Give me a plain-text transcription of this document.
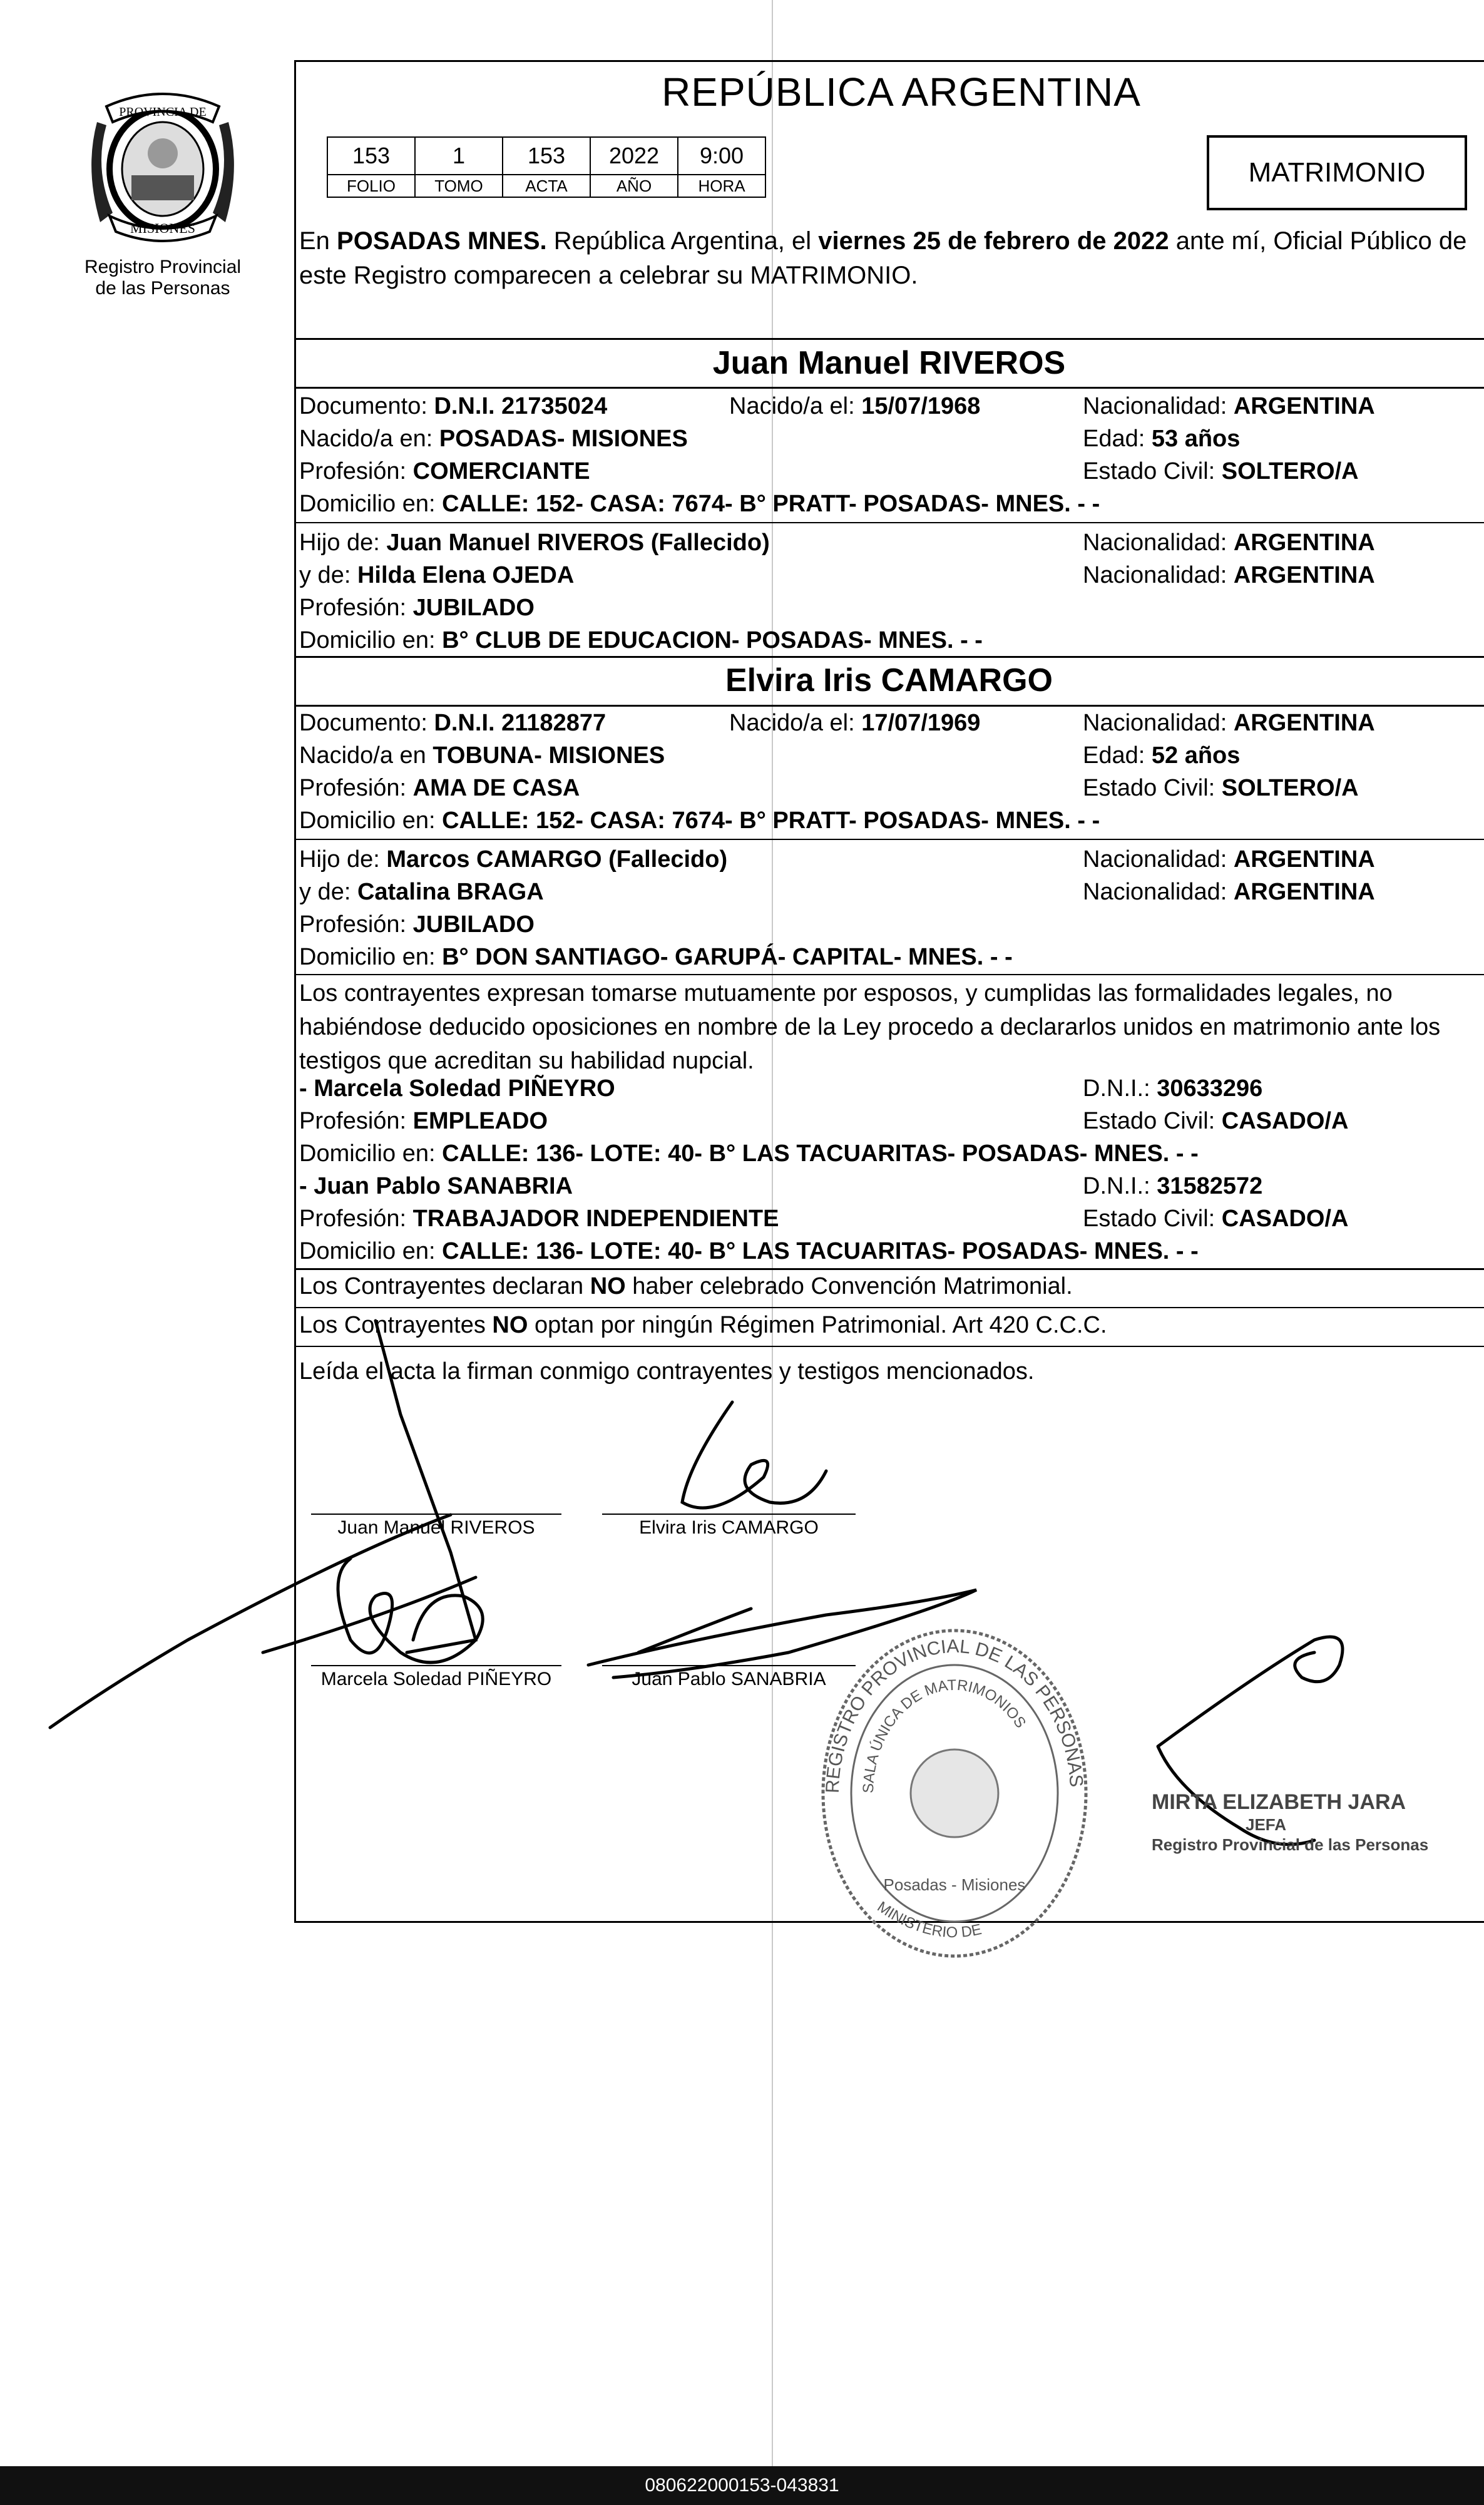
PROVINCIA DE
MISIONES
Registro Provincial
de las Personas
REPÚBLICA ARGENTINA
153	1	153	2022	9:00
FOLIO	TOMO	ACTA	AÑO	HORA	MATRIMONIO
En POSADAS MNES. República Argentina, el viernes 25 de febrero de 2022 ante mí, Oficial Público de este Registro comparecen a celebrar su MATRIMONIO.
Juan Manuel RIVEROS
Documento: D.N.I. 21735024	Nacido/a el: 15/07/1968	Nacionalidad: ARGENTINA
Nacido/a en: POSADAS- MISIONES	Edad: 53 años
Profesión: COMERCIANTE	Estado Civil: SOLTERO/A
Domicilio en: CALLE: 152- CASA: 7674- B° PRATT- POSADAS- MNES. - -
Hijo de: Juan Manuel RIVEROS (Fallecido)	Nacionalidad: ARGENTINA
y de: Hilda Elena OJEDA	Nacionalidad: ARGENTINA
Profesión: JUBILADO
Domicilio en: B° CLUB DE EDUCACION- POSADAS- MNES. - -
Elvira Iris CAMARGO
Documento: D.N.I. 21182877	Nacido/a el: 17/07/1969	Nacionalidad: ARGENTINA
Nacido/a en TOBUNA- MISIONES	Edad: 52 años
Profesión: AMA DE CASA	Estado Civil: SOLTERO/A
Domicilio en: CALLE: 152- CASA: 7674- B° PRATT- POSADAS- MNES. - -
Hijo de: Marcos CAMARGO (Fallecido)	Nacionalidad: ARGENTINA
y de: Catalina BRAGA	Nacionalidad: ARGENTINA
Profesión: JUBILADO
Domicilio en: B° DON SANTIAGO- GARUPÁ- CAPITAL- MNES. - -
Los contrayentes expresan tomarse mutuamente por esposos, y cumplidas las formalidades legales, no habiéndose deducido oposiciones en nombre de la Ley procedo a declararlos unidos en matrimonio ante los testigos que acreditan su habilidad nupcial.
- Marcela Soledad PIÑEYRO	D.N.I.: 30633296
Profesión: EMPLEADO	Estado Civil: CASADO/A
Domicilio en: CALLE: 136- LOTE: 40- B° LAS TACUARITAS- POSADAS- MNES. - -
- Juan Pablo SANABRIA	D.N.I.: 31582572
Profesión: TRABAJADOR INDEPENDIENTE	Estado Civil: CASADO/A
Domicilio en: CALLE: 136- LOTE: 40- B° LAS TACUARITAS- POSADAS- MNES. - -
Los Contrayentes declaran NO haber celebrado Convención Matrimonial.
Los Contrayentes NO optan por ningún Régimen Patrimonial. Art 420 C.C.C.
Leída el acta la firman conmigo contrayentes y testigos mencionados.
Juan Manuel RIVEROS	Elvira Iris CAMARGO
Marcela Soledad PIÑEYRO	Juan Pablo SANABRIA
REGISTRO PROVINCIAL DE LAS PERSONAS
SALA ÚNICA DE MATRIMONIOS
Posadas - Misiones
MINISTERIO DE
MIRTA ELIZABETH JARA
JEFA
Registro Provincial de las Personas
080622000153-043831
